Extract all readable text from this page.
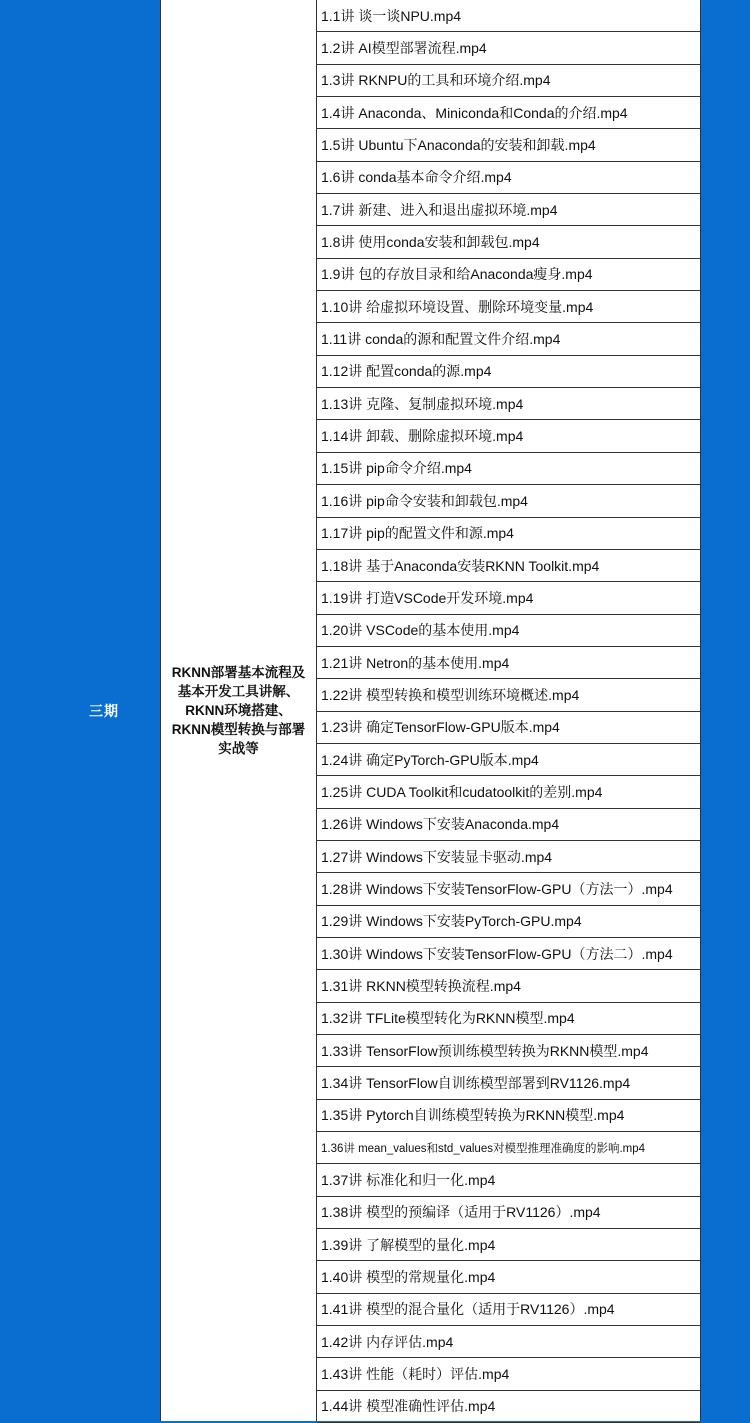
三期
RKNN部署基本流程及
基本开发工具讲解、
RKNN环境搭建、
RKNN模型转换与部署
实战等
1.1讲 谈一谈NPU.mp4
1.2讲 AI模型部署流程.mp4
1.3讲 RKNPU的工具和环境介绍.mp4
1.4讲 Anaconda、Miniconda和Conda的介绍.mp4
1.5讲 Ubuntu下Anaconda的安装和卸载.mp4
1.6讲 conda基本命令介绍.mp4
1.7讲 新建、进入和退出虚拟环境.mp4
1.8讲 使用conda安装和卸载包.mp4
1.9讲 包的存放目录和给Anaconda瘦身.mp4
1.10讲 给虚拟环境设置、删除环境变量.mp4
1.11讲 conda的源和配置文件介绍.mp4
1.12讲 配置conda的源.mp4
1.13讲 克隆、复制虚拟环境.mp4
1.14讲 卸载、删除虚拟环境.mp4
1.15讲 pip命令介绍.mp4
1.16讲 pip命令安装和卸载包.mp4
1.17讲 pip的配置文件和源.mp4
1.18讲 基于Anaconda安装RKNN Toolkit.mp4
1.19讲 打造VSCode开发环境.mp4
1.20讲 VSCode的基本使用.mp4
1.21讲 Netron的基本使用.mp4
1.22讲 模型转换和模型训练环境概述.mp4
1.23讲 确定TensorFlow-GPU版本.mp4
1.24讲 确定PyTorch-GPU版本.mp4
1.25讲 CUDA Toolkit和cudatoolkit的差别.mp4
1.26讲 Windows下安装Anaconda.mp4
1.27讲 Windows下安装显卡驱动.mp4
1.28讲 Windows下安装TensorFlow-GPU（方法一）.mp4
1.29讲 Windows下安装PyTorch-GPU.mp4
1.30讲 Windows下安装TensorFlow-GPU（方法二）.mp4
1.31讲 RKNN模型转换流程.mp4
1.32讲 TFLite模型转化为RKNN模型.mp4
1.33讲 TensorFlow预训练模型转换为RKNN模型.mp4
1.34讲 TensorFlow自训练模型部署到RV1126.mp4
1.35讲 Pytorch自训练模型转换为RKNN模型.mp4
1.36讲 mean_values和std_values对模型推理准确度的影响.mp4
1.37讲 标准化和归一化.mp4
1.38讲 模型的预编译（适用于RV1126）.mp4
1.39讲 了解模型的量化.mp4
1.40讲 模型的常规量化.mp4
1.41讲 模型的混合量化（适用于RV1126）.mp4
1.42讲 内存评估.mp4
1.43讲 性能（耗时）评估.mp4
1.44讲 模型准确性评估.mp4
